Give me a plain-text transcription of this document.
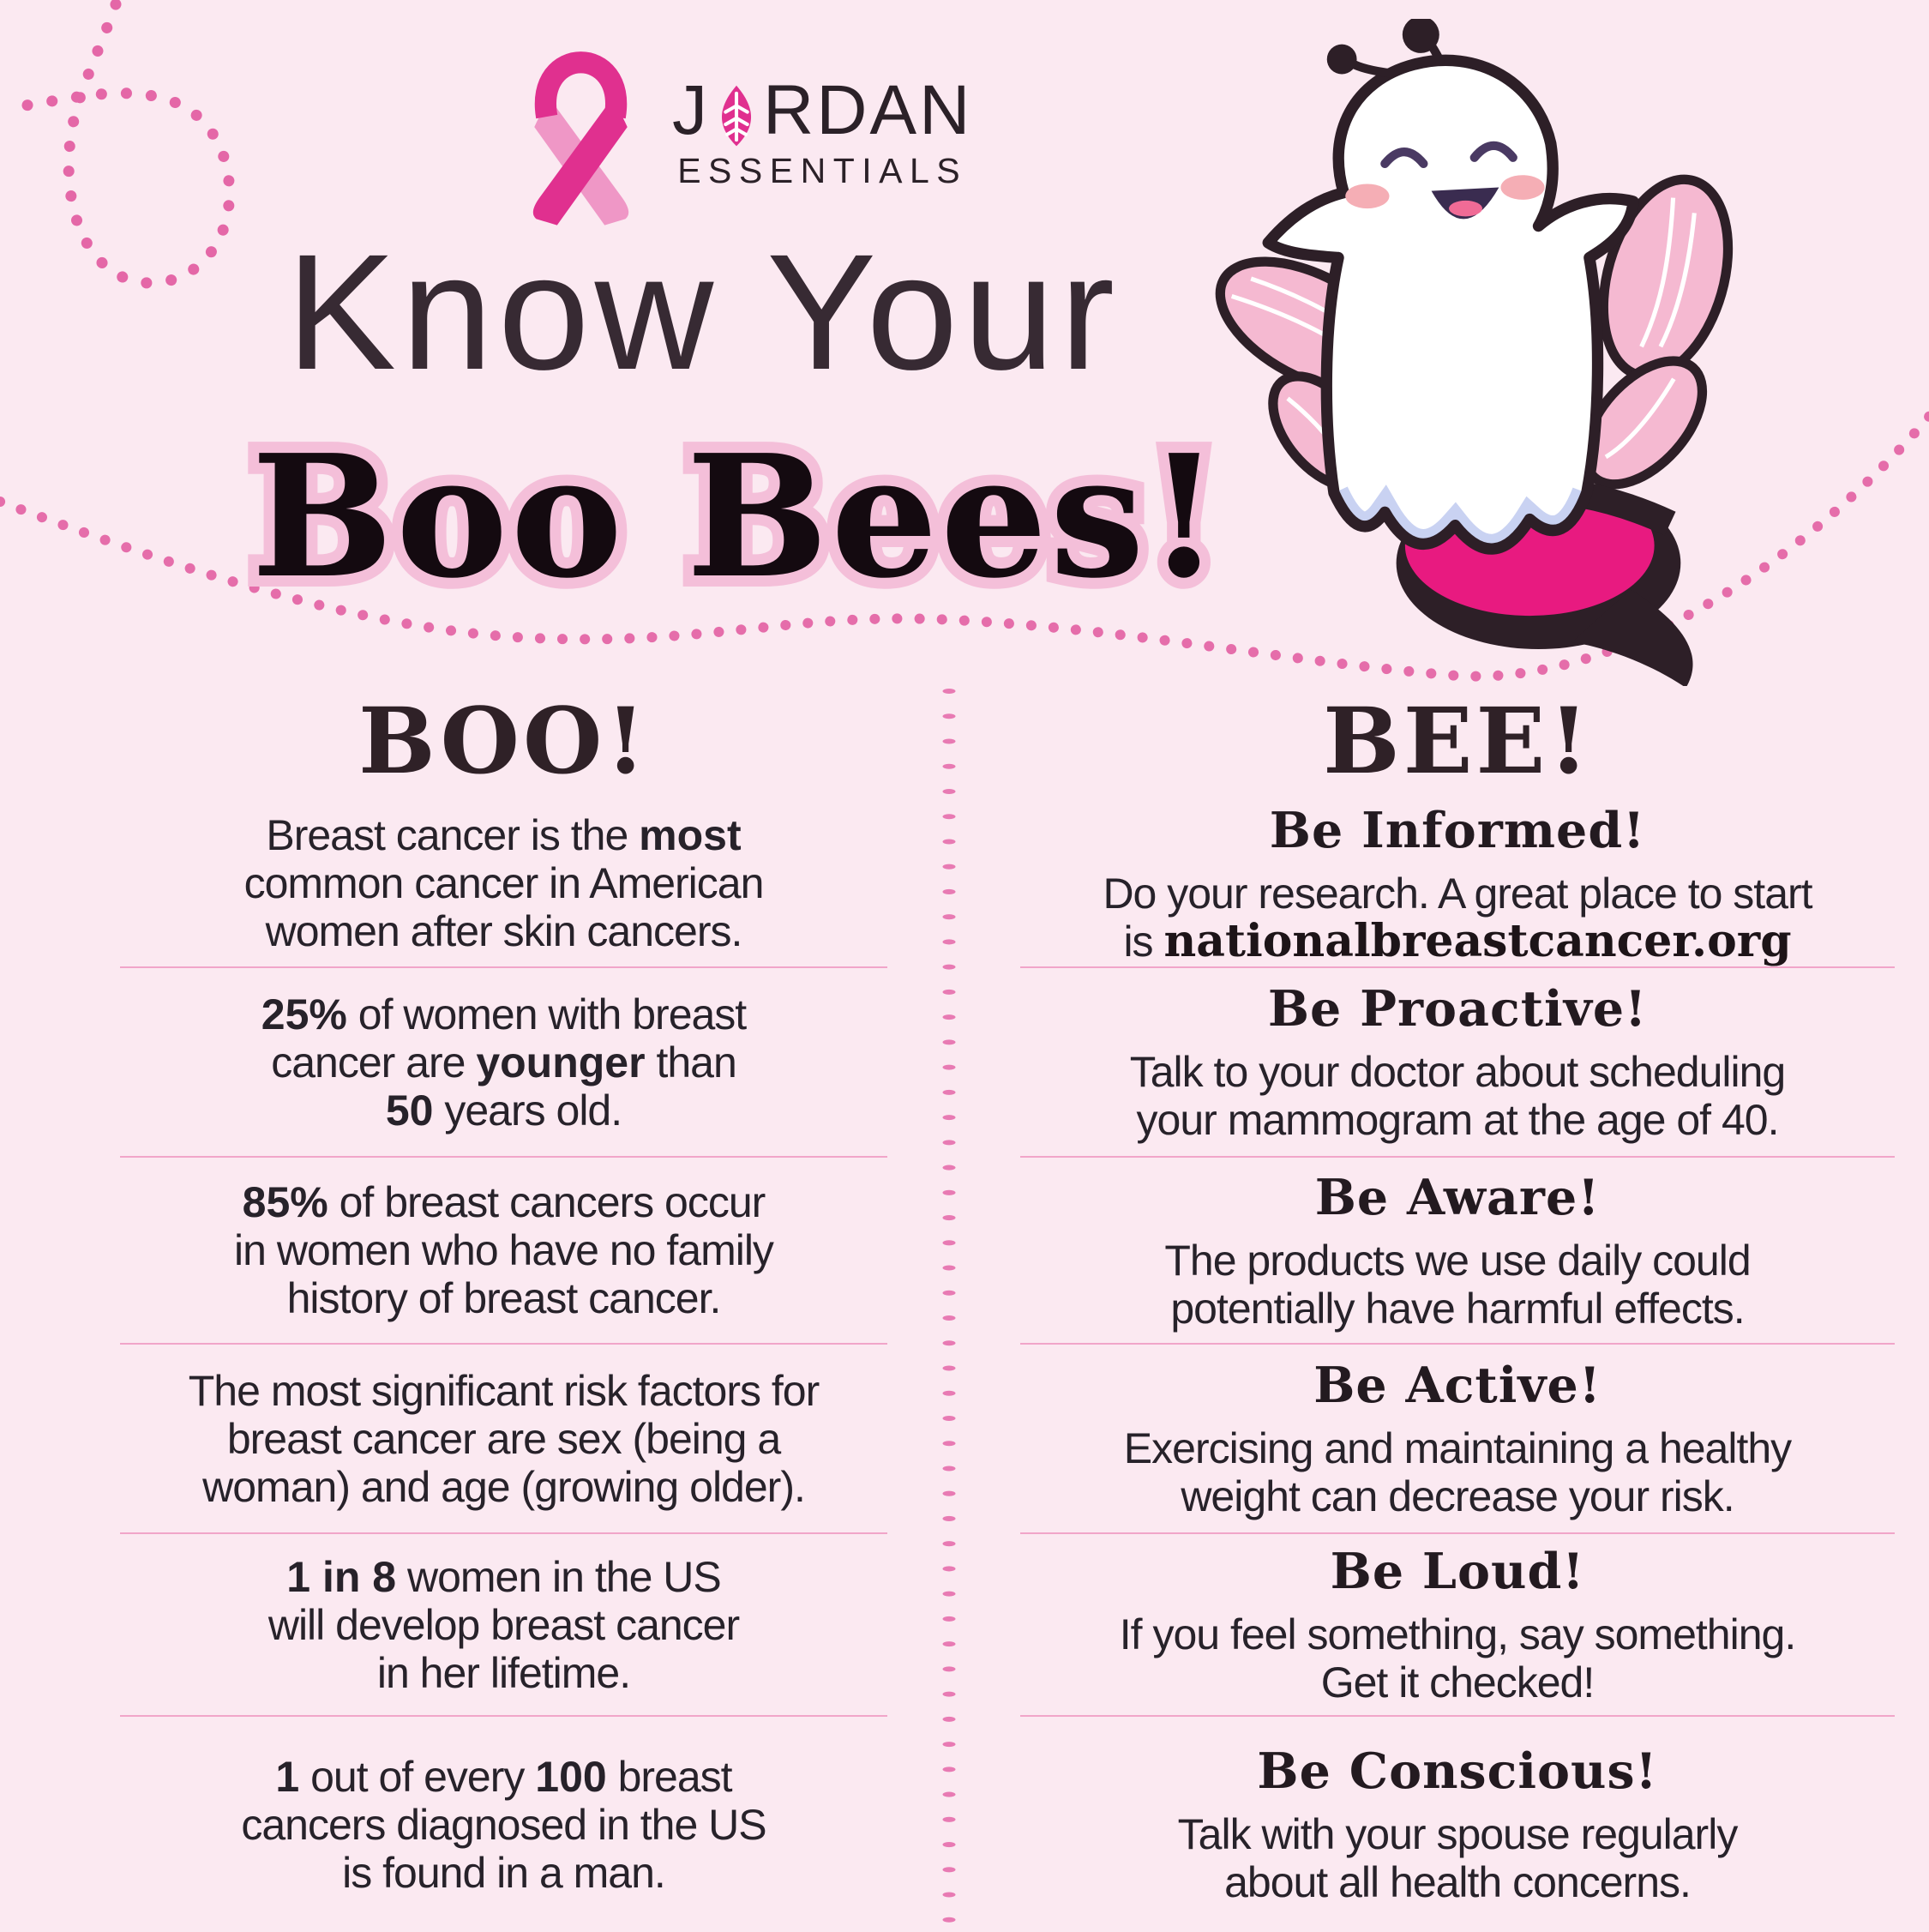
J RDAN
ESSENTIALS
Know Your
Boo Bees! Boo Bees!
BOO!
Breast cancer is the most
common cancer in American
women after skin cancers.
25% of women with breast
cancer are younger than
50 years old.
85% of breast cancers occur
in women who have no family
history of breast cancer.
The most significant risk factors for
breast cancer are sex (being a
woman) and age (growing older).
1 in 8 women in the US
will develop breast cancer
in her lifetime.
1 out of every 100 breast
cancers diagnosed in the US
is found in a man.
BEE!
Be Informed!
Do your research. A great place to start
is nationalbreastcancer.org
Be Proactive!
Talk to your doctor about scheduling
your mammogram at the age of 40.
Be Aware!
The products we use daily could
potentially have harmful effects.
Be Active!
Exercising and maintaining a healthy
weight can decrease your risk.
Be Loud!
If you feel something, say something.
Get it checked!
Be Conscious!
Talk with your spouse regularly
about all health concerns.
